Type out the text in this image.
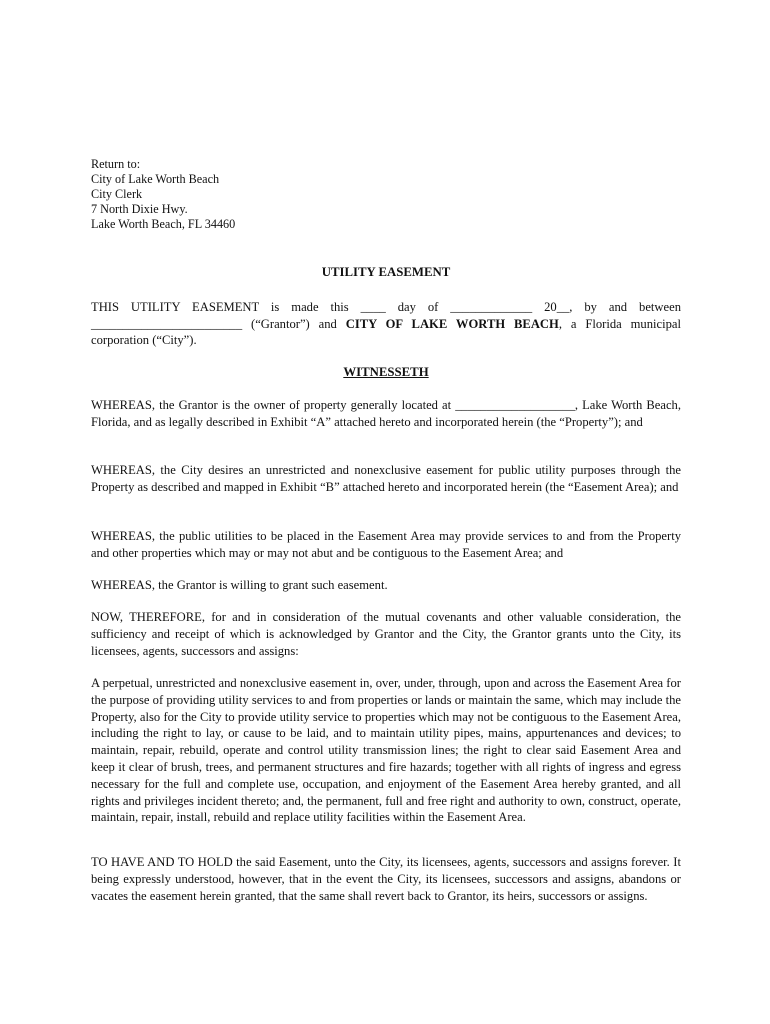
Return to:
City of Lake Worth Beach
City Clerk
7 North Dixie Hwy.
Lake Worth Beach, FL 34460
UTILITY EASEMENT
THIS UTILITY EASEMENT is made this ____ day of _____________ 20__, by and between ________________________ (“Grantor”) and CITY OF LAKE WORTH BEACH, a Florida municipal corporation (“City”).
WITNESSETH

WHEREAS, the Grantor is the owner of property generally located at ___________________, Lake Worth Beach, Florida, and as legally described in Exhibit “A” attached hereto and incorporated herein (the “Property”); and

WHEREAS, the City desires an unrestricted and nonexclusive easement for public utility purposes through the Property as described and mapped in Exhibit “B” attached hereto and incorporated herein (the “Easement Area); and

WHEREAS, the public utilities to be placed in the Easement Area may provide services to and from the Property and other properties which may or may not abut and be contiguous to the Easement Area; and

WHEREAS, the Grantor is willing to grant such easement.

NOW, THEREFORE, for and in consideration of the mutual covenants and other valuable consideration, the sufficiency and receipt of which is acknowledged by Grantor and the City, the Grantor grants unto the City, its licensees, agents, successors and assigns:

A perpetual, unrestricted and nonexclusive easement in, over, under, through, upon and across the Easement Area for the purpose of providing utility services to and from properties or lands or maintain the same, which may include the Property, also for the City to provide utility service to properties which may not be contiguous to the Easement Area, including the right to lay, or cause to be laid, and to maintain utility pipes, mains, appurtenances and devices; to maintain, repair, rebuild, operate and control utility transmission lines; the right to clear said Easement Area and keep it clear of brush, trees, and permanent structures and fire hazards; together with all rights of ingress and egress necessary for the full and complete use, occupation, and enjoyment of the Easement Area hereby granted, and all rights and privileges incident thereto; and, the permanent, full and free right and authority to own, construct, operate, maintain, repair, install, rebuild and replace utility facilities within the Easement Area.

TO HAVE AND TO HOLD the said Easement, unto the City, its licensees, agents, successors and assigns forever. It being expressly understood, however, that in the event the City, its licensees, successors and assigns, abandons or vacates the easement herein granted, that the same shall revert back to Grantor, its heirs, successors or assigns.
